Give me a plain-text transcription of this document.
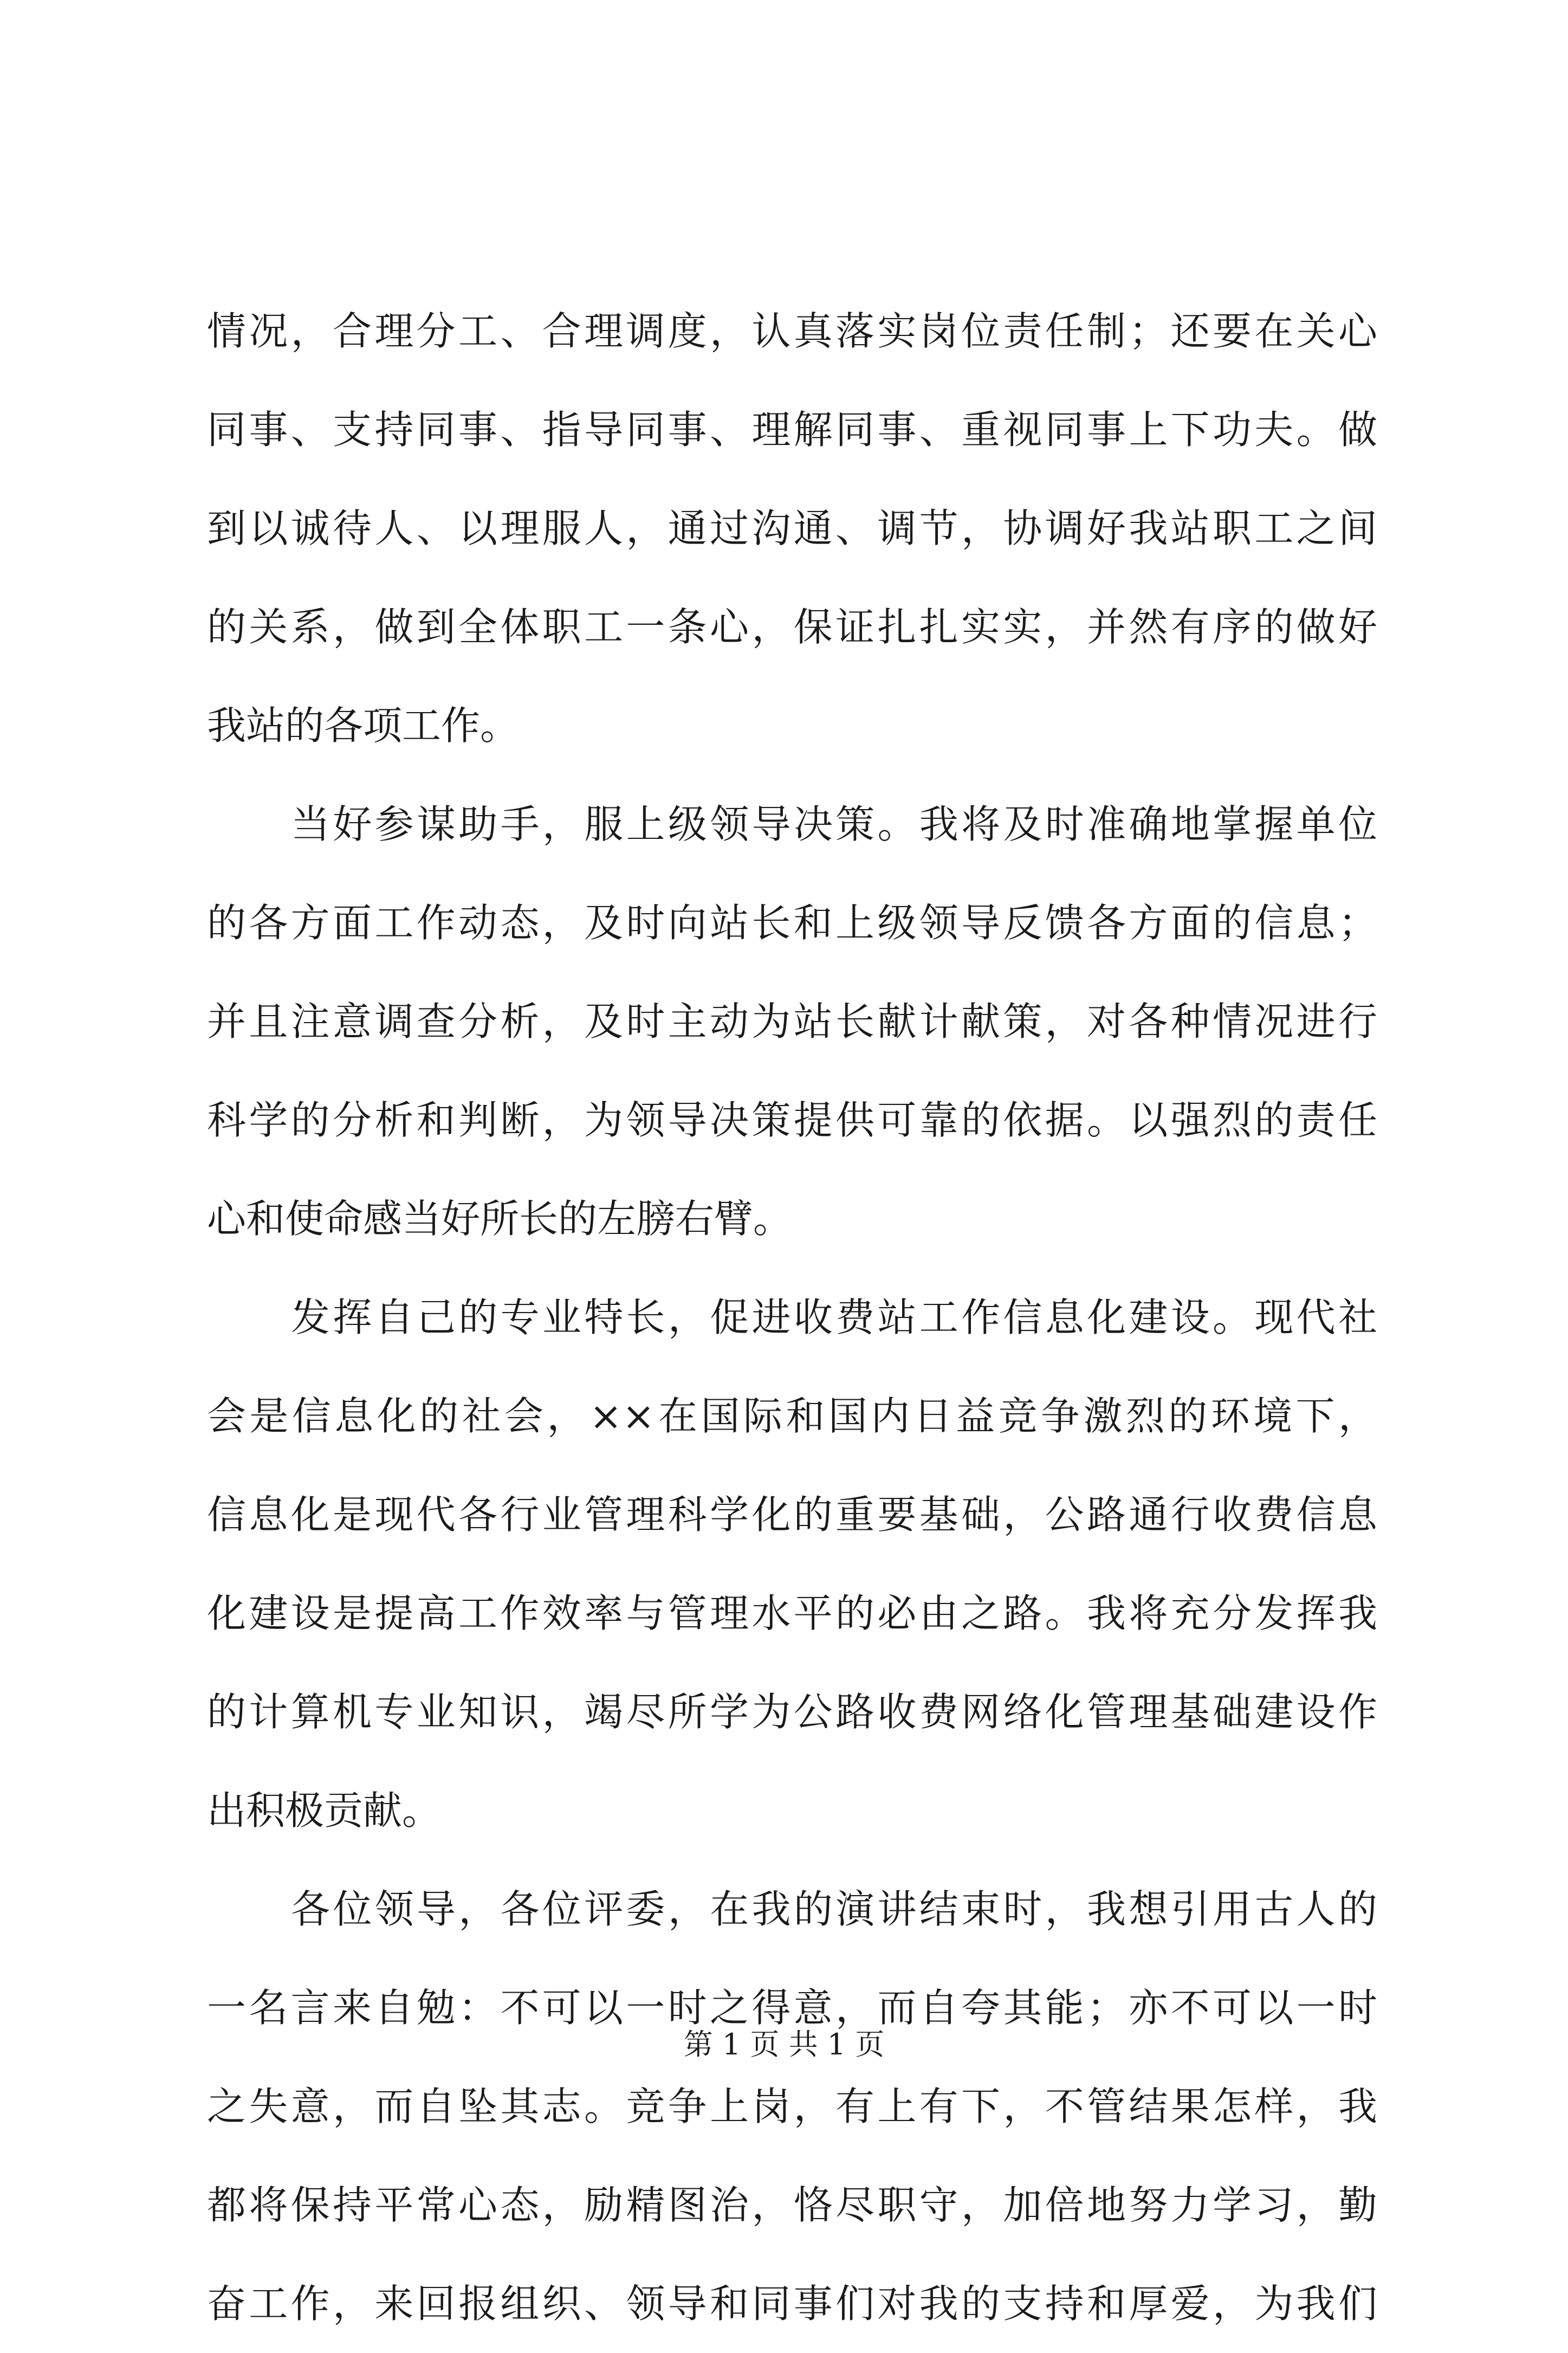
情况，合理分工、合理调度，认真落实岗位责任制；还要在关心
同事、支持同事、指导同事、理解同事、重视同事上下功夫。做
到以诚待人、以理服人，通过沟通、调节，协调好我站职工之间
的关系，做到全体职工一条心，保证扎扎实实，并然有序的做好
我站的各项工作。
当好参谋助手，服上级领导决策。我将及时准确地掌握单位
的各方面工作动态，及时向站长和上级领导反馈各方面的信息；
并且注意调查分析，及时主动为站长献计献策，对各种情况进行
科学的分析和判断，为领导决策提供可靠的依据。以强烈的责任
心和使命感当好所长的左膀右臂。
发挥自己的专业特长，促进收费站工作信息化建设。现代社
会是信息化的社会，××在国际和国内日益竞争激烈的环境下，
信息化是现代各行业管理科学化的重要基础，公路通行收费信息
化建设是提高工作效率与管理水平的必由之路。我将充分发挥我
的计算机专业知识，竭尽所学为公路收费网络化管理基础建设作
出积极贡献。
各位领导，各位评委，在我的演讲结束时，我想引用古人的
一名言来自勉：不可以一时之得意，而自夸其能；亦不可以一时
之失意，而自坠其志。竞争上岗，有上有下，不管结果怎样，我
都将保持平常心态，励精图治，恪尽职守，加倍地努力学习，勤
奋工作，来回报组织、领导和同事们对我的支持和厚爱，为我们
第 1 页 共 1 页
